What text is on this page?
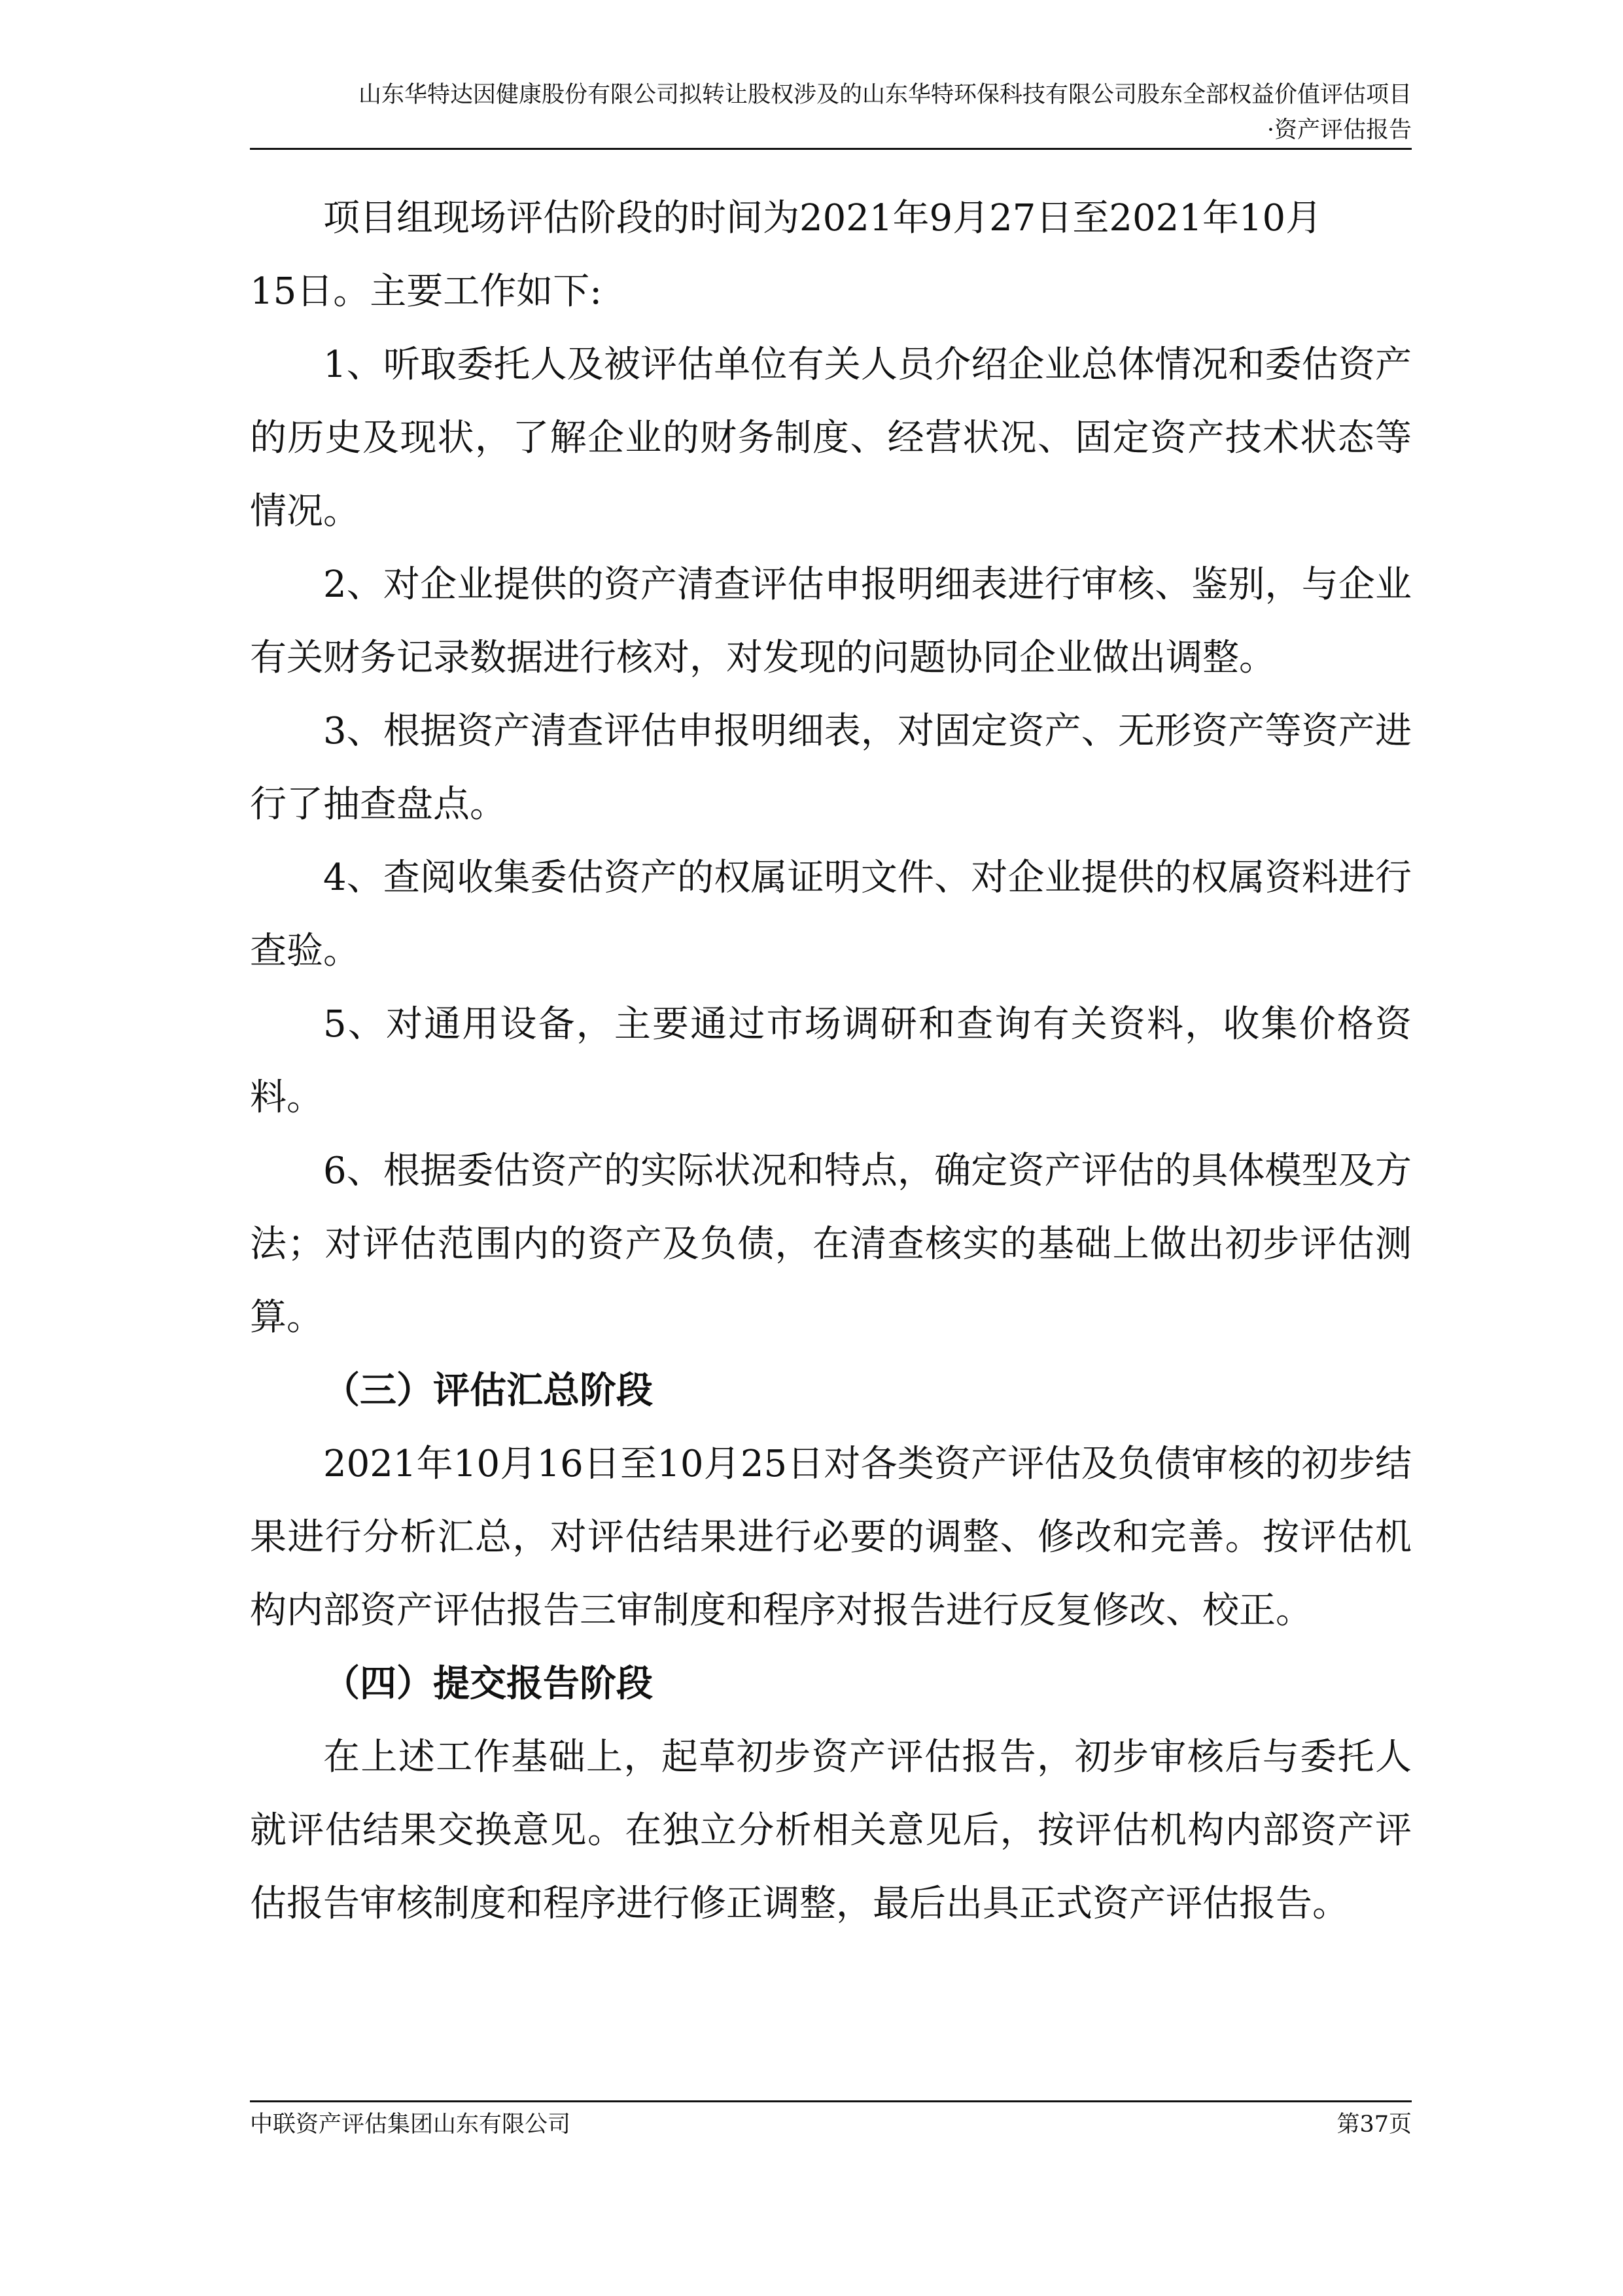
山东华特达因健康股份有限公司拟转让股权涉及的山东华特环保科技有限公司股东全部权益价值评估项目
·资产评估报告

项目组现场评估阶段的时间为2021年9月27日至2021年10月
15日。主要工作如下:

1、听取委托人及被评估单位有关人员介绍企业总体情况和委估资产的历史及现状，了解企业的财务制度、经营状况、固定资产技术状态等情况。

2、对企业提供的资产清查评估申报明细表进行审核、鉴别，与企业有关财务记录数据进行核对，对发现的问题协同企业做出调整。

3、根据资产清查评估申报明细表，对固定资产、无形资产等资产进行了抽查盘点。

4、查阅收集委估资产的权属证明文件、对企业提供的权属资料进行查验。

5、对通用设备，主要通过市场调研和查询有关资料，收集价格资料。

6、根据委估资产的实际状况和特点，确定资产评估的具体模型及方法；对评估范围内的资产及负债，在清查核实的基础上做出初步评估测算。

（三）评估汇总阶段

2021年10月16日至10月25日对各类资产评估及负债审核的初步结果进行分析汇总，对评估结果进行必要的调整、修改和完善。按评估机构内部资产评估报告三审制度和程序对报告进行反复修改、校正。

（四）提交报告阶段

在上述工作基础上，起草初步资产评估报告，初步审核后与委托人就评估结果交换意见。在独立分析相关意见后，按评估机构内部资产评估报告审核制度和程序进行修正调整，最后出具正式资产评估报告。

中联资产评估集团山东有限公司	第37页
